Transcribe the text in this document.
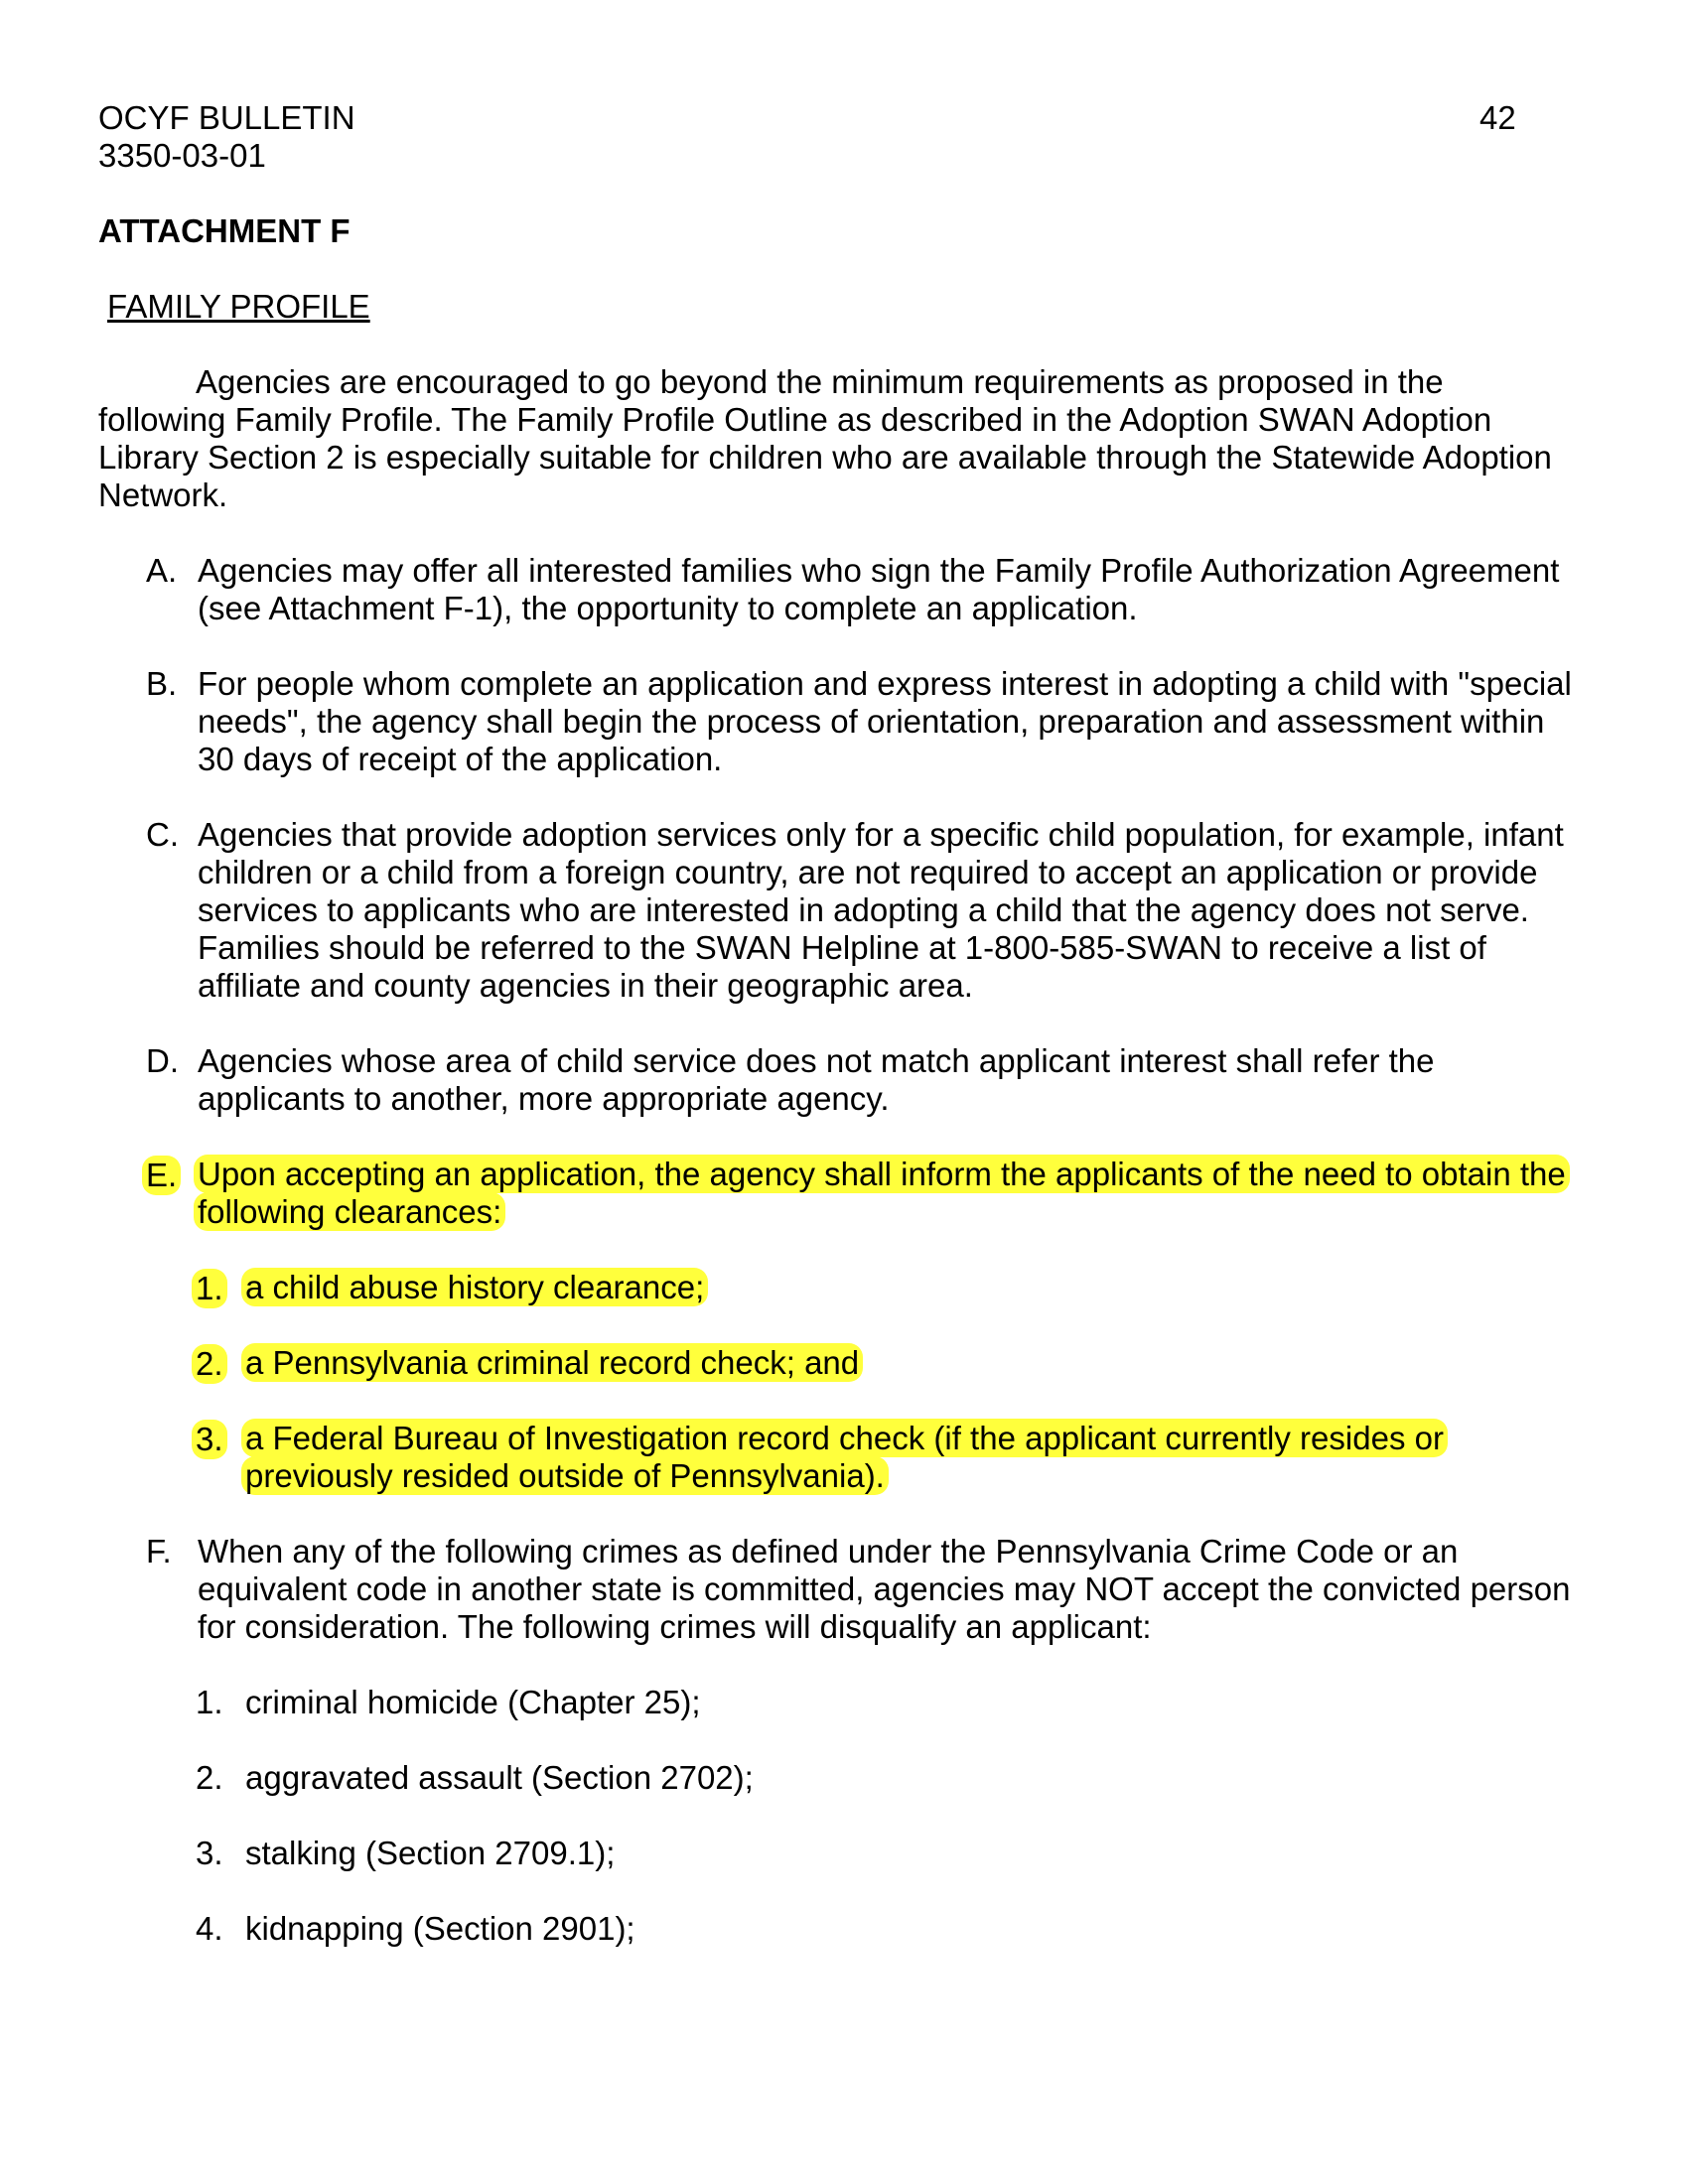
OCYF BULLETIN	42
3350-03-01
ATTACHMENT F
FAMILY PROFILE
Agencies are encouraged to go beyond the minimum requirements as proposed in the
following Family Profile. The Family Profile Outline as described in the Adoption SWAN Adoption
Library Section 2 is especially suitable for children who are available through the Statewide Adoption
Network.
A. Agencies may offer all interested families who sign the Family Profile Authorization Agreement
(see Attachment F-1), the opportunity to complete an application.
B. For people whom complete an application and express interest in adopting a child with "special
needs", the agency shall begin the process of orientation, preparation and assessment within
30 days of receipt of the application.
C. Agencies that provide adoption services only for a specific child population, for example, infant
children or a child from a foreign country, are not required to accept an application or provide
services to applicants who are interested in adopting a child that the agency does not serve.
Families should be referred to the SWAN Helpline at 1-800-585-SWAN to receive a list of
affiliate and county agencies in their geographic area.
D. Agencies whose area of child service does not match applicant interest shall refer the
applicants to another, more appropriate agency.
E. Upon accepting an application, the agency shall inform the applicants of the need to obtain the
following clearances:
1. a child abuse history clearance;
2. a Pennsylvania criminal record check; and
3. a Federal Bureau of Investigation record check (if the applicant currently resides or
previously resided outside of Pennsylvania).
F. When any of the following crimes as defined under the Pennsylvania Crime Code or an
equivalent code in another state is committed, agencies may NOT accept the convicted person
for consideration. The following crimes will disqualify an applicant:
1. criminal homicide (Chapter 25);
2. aggravated assault (Section 2702);
3. stalking (Section 2709.1);
4. kidnapping (Section 2901);
